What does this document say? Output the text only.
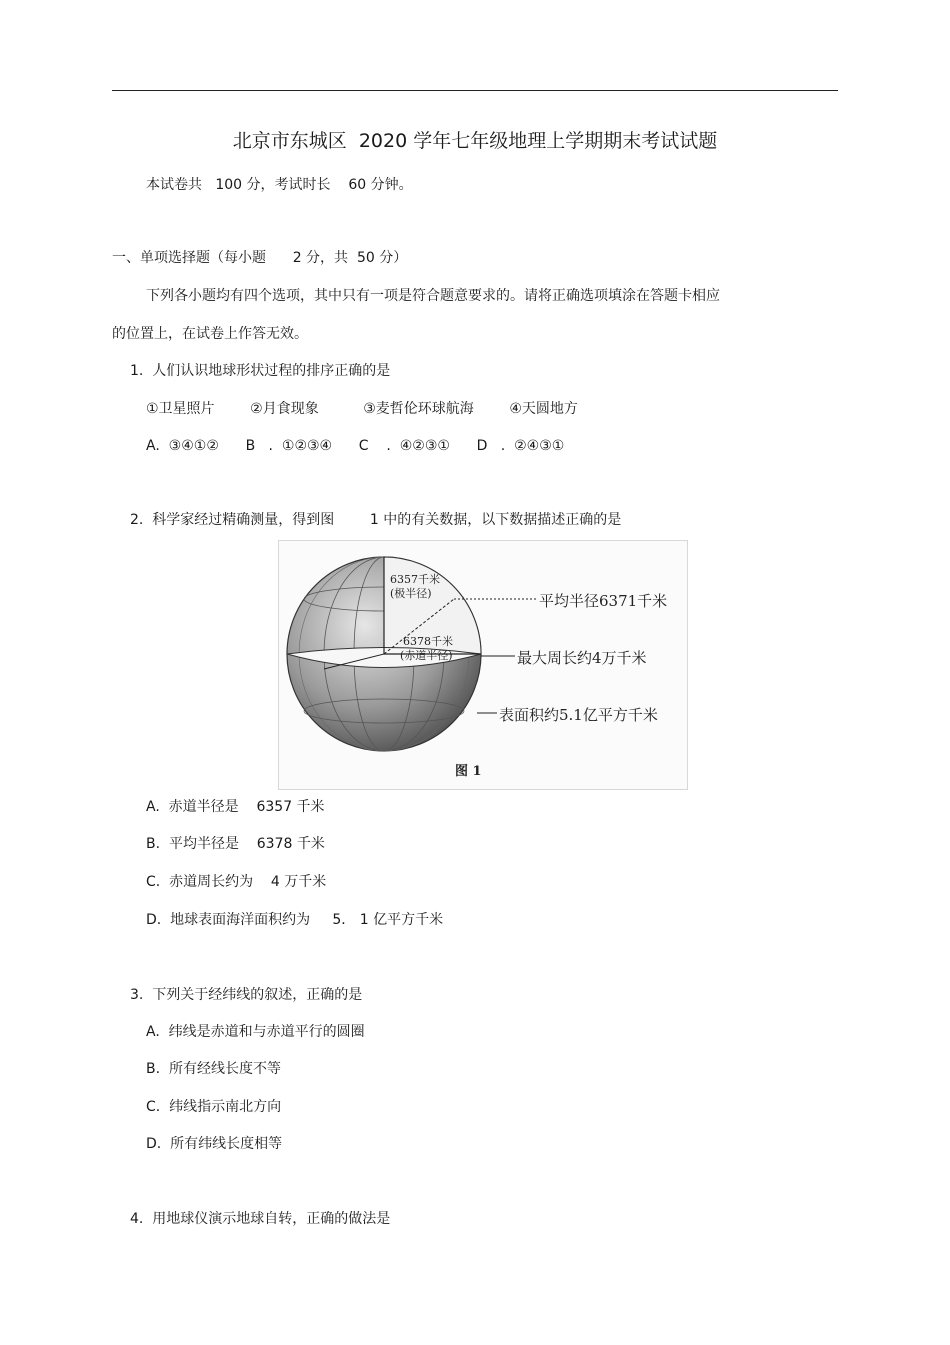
北京市东城区  2020 学年七年级地理上学期期末考试试题
本试卷共   100 分，考试时长    60 分钟。
一、单项选择题（每小题      2 分，共  50 分）
下列各小题均有四个选项，其中只有一项是符合题意要求的。请将正确选项填涂在答题卡相应
的位置上，在试卷上作答无效。
1.  人们认识地球形状过程的排序正确的是
①卫星照片        ②月食现象          ③麦哲伦环球航海        ④天圆地方
A.  ③④①②      B   .  ①②③④      C    .  ④②③①      D   .  ②④③①
2.  科学家经过精确测量，得到图        1 中的有关数据，以下数据描述正确的是
6357千米
(极半径)
6378千米
(赤道半径)
平均半径6371千米
最大周长约4万千米
表面积约5.1亿平方千米
图 1
A.  赤道半径是    6357 千米
B.  平均半径是    6378 千米
C.  赤道周长约为    4 万千米
D.  地球表面海洋面积约为     5． 1 亿平方千米
3.  下列关于经纬线的叙述，正确的是
A.  纬线是赤道和与赤道平行的圆圈
B.  所有经线长度不等
C.  纬线指示南北方向
D.  所有纬线长度相等
4.  用地球仪演示地球自转，正确的做法是
